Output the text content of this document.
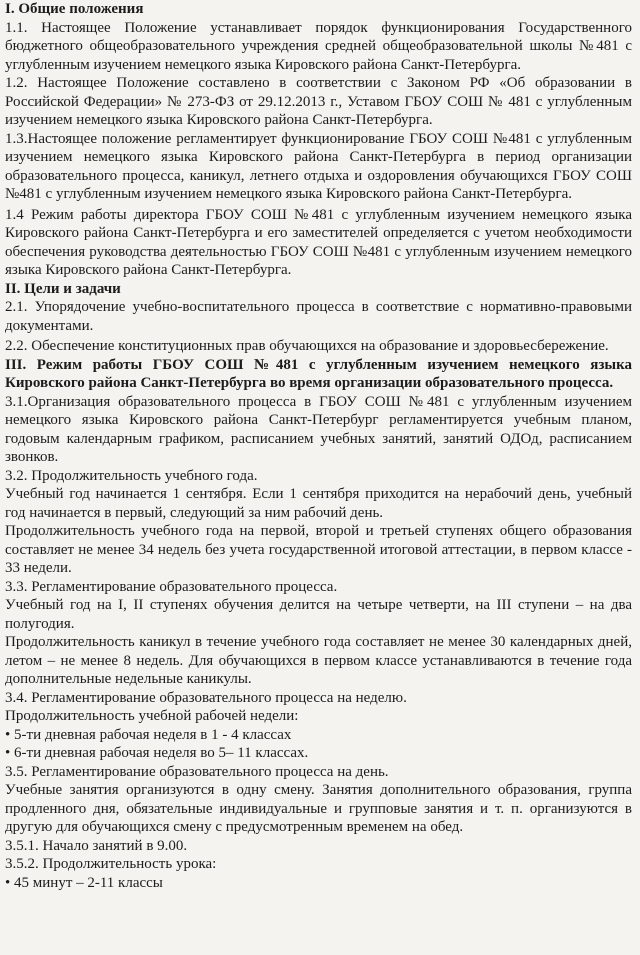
I. Общие положения

1.1. Настоящее Положение устанавливает порядок функционирования Государственного бюджетного общеобразовательного учреждения средней общеобразовательной школы №481 с углубленным изучением немецкого языка Кировского района Санкт-Петербурга.

1.2. Настоящее Положение составлено в соответствии с Законом РФ «Об образовании в Российской Федерации» № 273-ФЗ от 29.12.2013 г., Уставом ГБОУ СОШ № 481 с углубленным изучением немецкого языка Кировского района Санкт-Петербурга.

1.3.Настоящее положение регламентирует функционирование ГБОУ СОШ №481 с углубленным изучением немецкого языка Кировского района Санкт-Петербурга в период организации образовательного процесса, каникул, летнего отдыха и оздоровления обучающихся ГБОУ СОШ №481 с углубленным изучением немецкого языка Кировского района Санкт-Петербурга.

1.4 Режим работы директора ГБОУ СОШ №481 с углубленным изучением немецкого языка Кировского района Санкт-Петербурга и его заместителей определяется с учетом необходимости обеспечения руководства деятельностью ГБОУ СОШ №481 с углубленным изучением немецкого языка Кировского района Санкт-Петербурга.

II. Цели и задачи

2.1. Упорядочение учебно-воспитательного процесса в соответствие с нормативно-правовыми документами.

2.2. Обеспечение конституционных прав обучающихся на образование и здоровьесбережение.

III. Режим работы ГБОУ СОШ №481 с углубленным изучением немецкого языка Кировского района Санкт-Петербурга во время организации образовательного процесса.

3.1.Организация образовательного процесса в ГБОУ СОШ №481 с углубленным изучением немецкого языка Кировского района Санкт-Петербург регламентируется учебным планом, годовым календарным графиком, расписанием учебных занятий, занятий ОДОд, расписанием звонков.

3.2. Продолжительность учебного года.

Учебный год начинается 1 сентября. Если 1 сентября приходится на нерабочий день, учебный год начинается в первый, следующий за ним рабочий день.

Продолжительность учебного года на первой, второй и третьей ступенях общего образования составляет не менее 34 недель без учета государственной итоговой аттестации, в первом классе - 33 недели.

3.3. Регламентирование образовательного процесса.

Учебный год на I, II ступенях обучения делится на четыре четверти, на III ступени – на два полугодия.

Продолжительность каникул в течение учебного года составляет не менее 30 календарных дней, летом – не менее 8 недель. Для обучающихся в первом классе устанавливаются в течение года дополнительные недельные каникулы.

3.4. Регламентирование образовательного процесса на неделю.

Продолжительность учебной рабочей недели:

• 5-ти дневная рабочая неделя в 1 - 4 классах

• 6-ти дневная рабочая неделя во 5– 11 классах.

3.5. Регламентирование образовательного процесса на день.

Учебные занятия организуются в одну смену. Занятия дополнительного образования, группа продленного дня, обязательные индивидуальные и групповые занятия и т. п. организуются в другую для обучающихся смену с предусмотренным временем на обед.

3.5.1. Начало занятий в 9.00.

3.5.2. Продолжительность урока:

• 45 минут – 2-11 классы
